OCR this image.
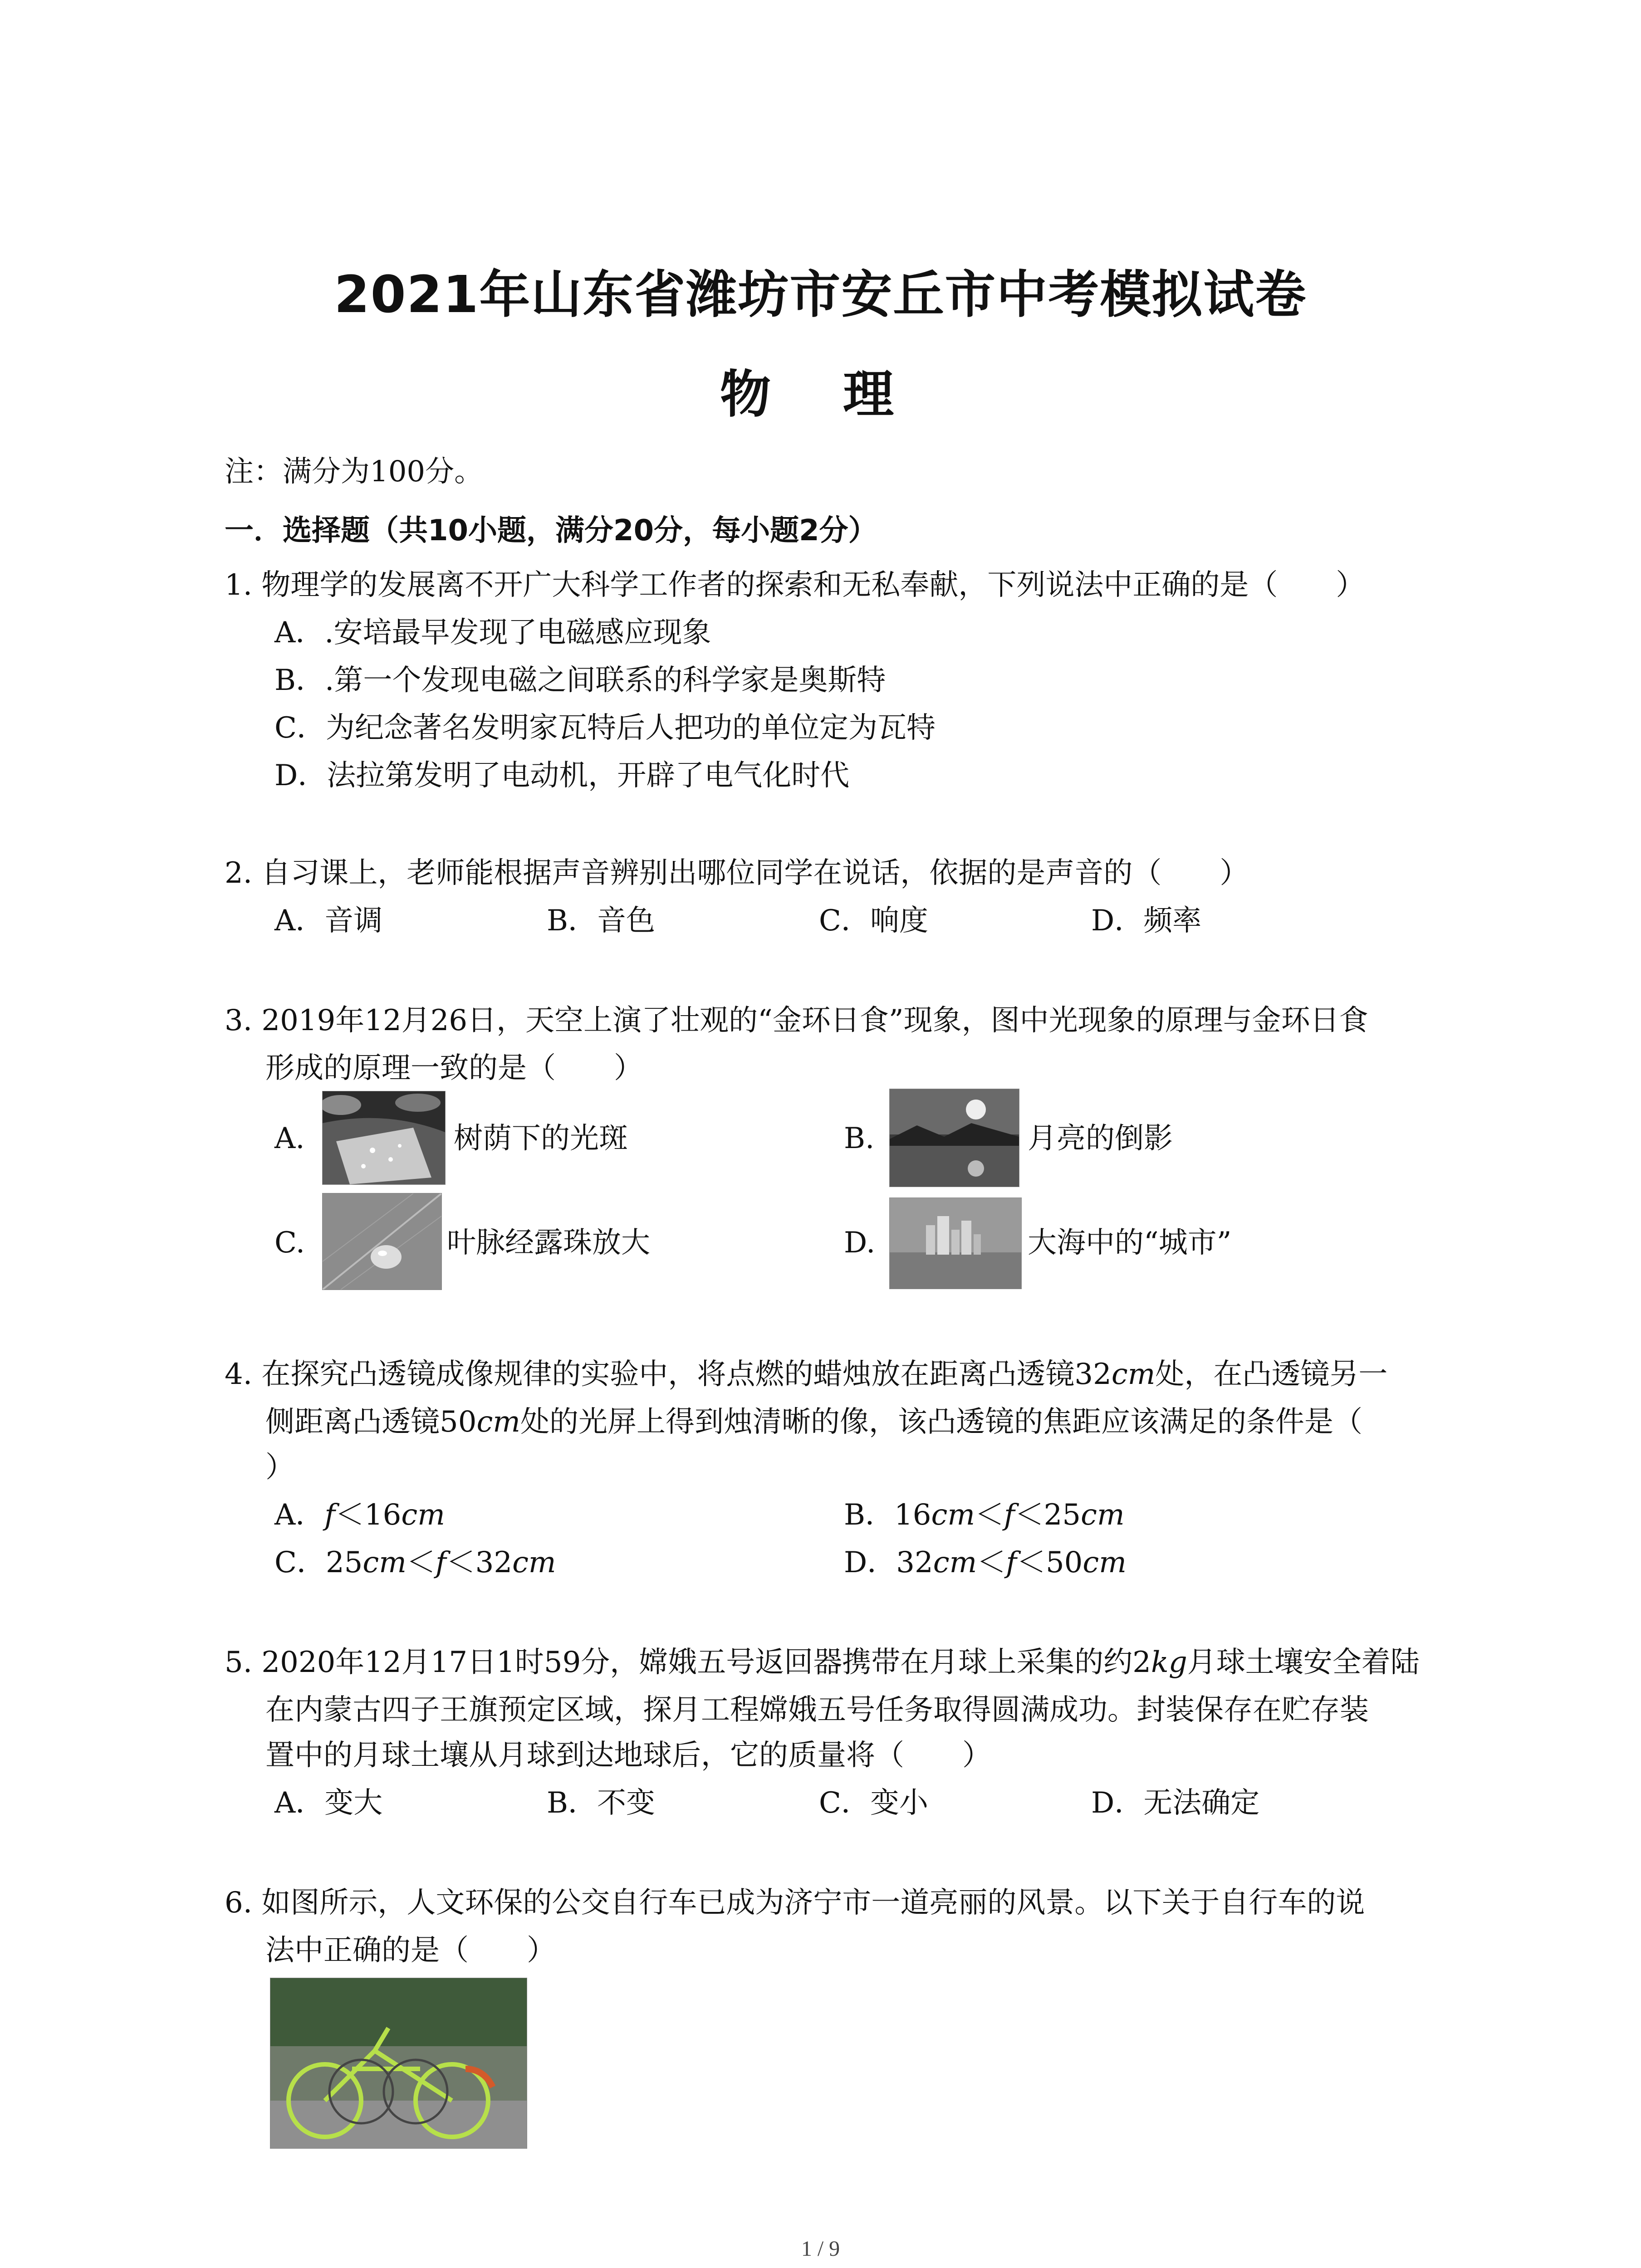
2021年山东省潍坊市安丘市中考模拟试卷
物 理
注：满分为100分。
一．选择题（共10小题，满分20分，每小题2分）
1. 物理学的发展离不开广大科学工作者的探索和无私奉献，下列说法中正确的是（　　）
A．.安培最早发现了电磁感应现象
B．.第一个发现电磁之间联系的科学家是奥斯特
C．为纪念著名发明家瓦特后人把功的单位定为瓦特
D．法拉第发明了电动机，开辟了电气化时代
2. 自习课上，老师能根据声音辨别出哪位同学在说话，依据的是声音的（　　）
A．音调	B．音色	C．响度	D．频率
3. 2019年12月26日，天空上演了壮观的“金环日食”现象，图中光现象的原理与金环日食
形成的原理一致的是（　　）
A.	树荫下的光斑	B.	月亮的倒影
C.	叶脉经露珠放大	D.	大海中的“城市”
4. 在探究凸透镜成像规律的实验中，将点燃的蜡烛放在距离凸透镜32cm处，在凸透镜另一
侧距离凸透镜50cm处的光屏上得到烛清晰的像，该凸透镜的焦距应该满足的条件是（
）
A．f＜16cm	B．16cm＜f＜25cm
C．25cm＜f＜32cm	D．32cm＜f＜50cm
5. 2020年12月17日1时59分，嫦娥五号返回器携带在月球上采集的约2kg月球土壤安全着陆
在内蒙古四子王旗预定区域，探月工程嫦娥五号任务取得圆满成功。封装保存在贮存装
置中的月球土壤从月球到达地球后，它的质量将（　　）
A．变大	B．不变	C．变小	D．无法确定
6. 如图所示，人文环保的公交自行车已成为济宁市一道亮丽的风景。以下关于自行车的说
法中正确的是（　　）
1 / 9
